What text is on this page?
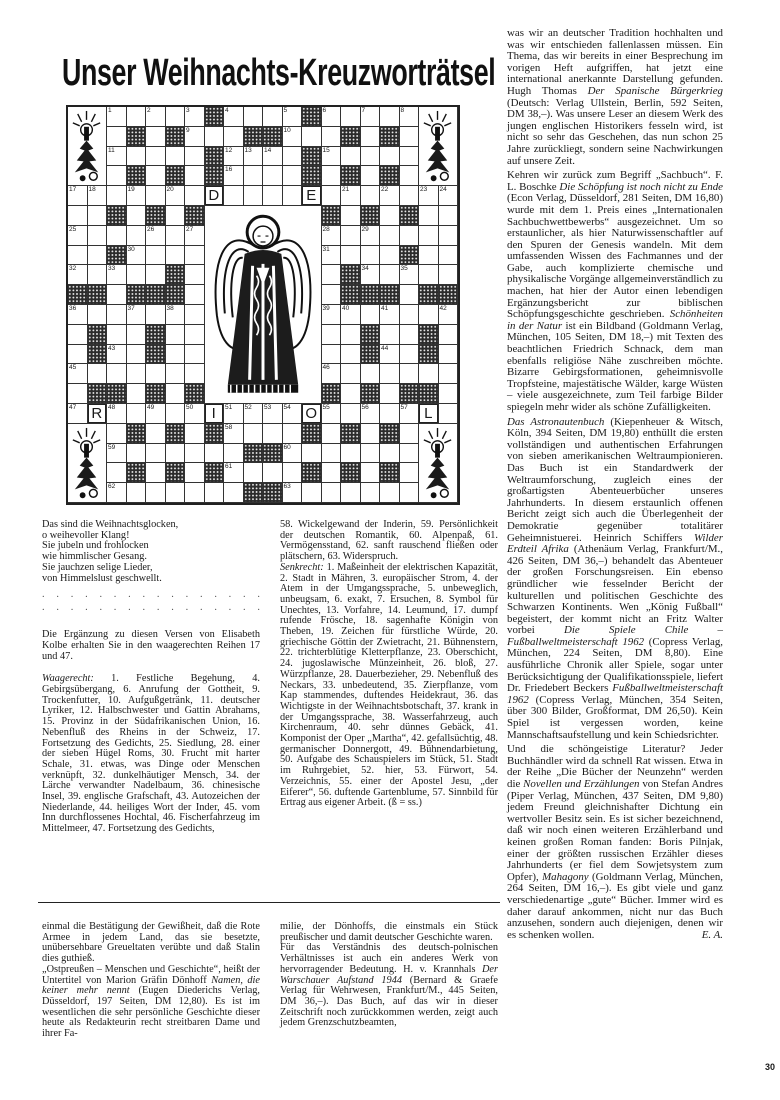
Unser Weihnachts-Kreuzworträtsel
1	2	3	4	5	6	7	8
9	10
11	12 13 14	15
16
17 18	19	20 D	E	21	22	23 24
25	26	27	28	29
30	31
32	33	34	35
36	37	38	39 40	41	42
43	44
45	46
47 R 48	49	50	I	51 52 53 54 O 55	56	57	L
58
59	60
61
62	63
Das sind die Weihnachtsglocken,
o weihevoller Klang!
Sie jubeln und frohlocken
wie himmlischer Gesang.
Sie jauchzen selige Lieder,
von Himmelslust geschwellt.
. . . . . . . . . . . . . . . .
. . . . . . . . . . . . . . . .

Die Ergänzung zu diesen Versen von Elisabeth Kolbe erhalten Sie in den waagerechten Reihen 17 und 47.

Waagerecht: 1. Festliche Begehung, 4. Gebirgsübergang, 6. Anrufung der Gottheit, 9. Trockenfutter, 10. Aufgußgetränk, 11. deutscher Lyriker, 12. Halbschwester und Gattin Abrahams, 15. Provinz in der Südafrikanischen Union, 16. Nebenfluß des Rheins in der Schweiz, 17. Fortsetzung des Gedichts, 25. Siedlung, 28. einer der sieben Hügel Roms, 30. Frucht mit harter Schale, 31. etwas, was Dinge oder Menschen verknüpft, 32. dunkelhäutiger Mensch, 34. der Lärche verwandter Nadelbaum, 36. chinesische Insel, 39. englische Grafschaft, 43. Autozeichen der Niederlande, 44. heiliges Wort der Inder, 45. vom Inn durchflossenes Hochtal, 46. Fischerfahrzeug im Mittelmeer, 47. Fortsetzung des Gedichts,

58. Wickelgewand der Inderin, 59. Persönlichkeit der deutschen Romantik, 60. Alpenpaß, 61. Vermögensstand, 62. sanft rauschend fließen oder plätschern, 63. Widerspruch.

Senkrecht: 1. Maßeinheit der elektrischen Kapazität, 2. Stadt in Mähren, 3. europäischer Strom, 4. der Atem in der Umgangssprache, 5. unbeweglich, unbeugsam, 6. exakt, 7. Ersuchen, 8. Symbol für Unechtes, 13. Vorfahre, 14. Leumund, 17. dumpf rufende Frösche, 18. sagenhafte Königin von Theben, 19. Zeichen für fürstliche Würde, 20. griechische Göttin der Zwietracht, 21. Bühnenstern, 22. trichterblütige Kletterpflanze, 23. Oberschicht, 24. jugoslawische Münzeinheit, 26. bloß, 27. Würzpflanze, 28. Dauerbezieher, 29. Nebenfluß des Neckars, 33. unbedeutend, 35. Zierpflanze, vom Kap stammendes, duftendes Heidekraut, 36. das Wichtigste in der Weihnachtsbotschaft, 37. krank in der Umgangssprache, 38. Wasserfahrzeug, auch Kirchenraum, 40. sehr dünnes Gebäck, 41. Komponist der Oper „Martha“, 42. gefallsüchtig, 48. germanischer Donnergott, 49. Bühnendarbietung, 50. Aufgabe des Schauspielers im Stück, 51. Stadt im Ruhrgebiet, 52. hier, 53. Fürwort, 54. Verzeichnis, 55. einer der Apostel Jesu, „der Eiferer“, 56. duftende Gartenblume, 57. Sinnbild für Ertrag aus eigener Arbeit. (ß = ss.)

einmal die Bestätigung der Gewißheit, daß die Rote Armee in jedem Land, das sie besetzte, unübersehbare Greueltaten verübte und daß Stalin dies guthieß.

„Ostpreußen – Menschen und Geschichte“, heißt der Untertitel von Marion Gräfin Dönhoff Namen, die keiner mehr nennt (Eugen Diederichs Verlag, Düsseldorf, 197 Seiten, DM 12,80). Es ist im wesentlichen die sehr persönliche Geschichte dieser heute als Redakteurin recht streitbaren Dame und ihrer Fa-

milie, der Dönhoffs, die einstmals ein Stück preußischer und damit deutscher Geschichte waren.

Für das Verständnis des deutsch-polnischen Verhältnisses ist auch ein anderes Werk von hervorragender Bedeutung. H. v. Krannhals Der Warschauer Aufstand 1944 (Bernard & Graefe Verlag für Wehrwesen, Frankfurt/M., 445 Seiten, DM 36,–). Das Buch, auf das wir in dieser Zeitschrift noch zurückkommen werden, zeigt auch jedem Grenzschutzbeamten,

was wir an deutscher Tradition hochhalten und was wir entschieden fallenlassen müssen. Ein Thema, das wir bereits in einer Besprechung im vorigen Heft aufgriffen, hat jetzt eine international anerkannte Darstellung gefunden. Hugh Thomas Der Spanische Bürgerkrieg (Deutsch: Verlag Ullstein, Berlin, 592 Seiten, DM 38,–). Was unsere Leser an diesem Werk des jungen englischen Historikers fesseln wird, ist nicht so sehr das Geschehen, das nun schon 25 Jahre zurückliegt, sondern seine Nachwirkungen auf unsere Zeit.

Kehren wir zurück zum Begriff „Sachbuch“. F. L. Boschke Die Schöpfung ist noch nicht zu Ende (Econ Verlag, Düsseldorf, 281 Seiten, DM 16,80) wurde mit dem 1. Preis eines „Internationalen Sachbuchwettbewerbs“ ausgezeichnet. Um so erstaunlicher, als hier Naturwissenschaftler auf den Spuren der Genesis wandeln. Mit dem umfassenden Wissen des Fachmannes und der Gabe, auch komplizierte chemische und physikalische Vorgänge allgemeinverständlich zu machen, hat hier der Autor einen lebendigen Ergänzungsbericht zur biblischen Schöpfungsgeschichte geschrieben. Schönheiten in der Natur ist ein Bildband (Goldmann Verlag, München, 105 Seiten, DM 18,–) mit Texten des beachtlichen Friedrich Schnack, dem man ebenfalls religiöse Nähe zuschreiben möchte. Bizarre Gebirgsformationen, geheimnisvolle Tropfsteine, majestätische Wälder, karge Wüsten – viele ausgezeichnete, zum Teil farbige Bilder spiegeln mehr wider als schöne Zufälligkeiten.

Das Astronautenbuch (Kiepenheuer & Witsch, Köln, 394 Seiten, DM 19,80) enthüllt die ersten vollständigen und authentischen Erfahrungen von sieben amerikanischen Weltraumpionieren. Das Buch ist ein Standardwerk der Weltraumforschung, zugleich eines der großartigsten Abenteuerbücher unseres Jahrhunderts. In diesem erstaunlich offenen Bericht zeigt sich auch die Überlegenheit der Demokratie gegenüber totalitärer Geheimnistuerei. Heinrich Schiffers Wilder Erdteil Afrika (Athenäum Verlag, Frankfurt/M., 426 Seiten, DM 36,–) behandelt das Abenteuer der großen Forschungsreisen. Ein ebenso gründlicher wie fesselnder Bericht der kulturellen und politischen Geschichte des Schwarzen Kontinents. Wen „König Fußball“ begeistert, der kommt nicht an Fritz Walter vorbei Die Spiele Chile – Fußballweltmeisterschaft 1962 (Copress Verlag, München, 224 Seiten, DM 8,80). Eine ausführliche Chronik aller Spiele, sogar unter Berücksichtigung der Qualifikationsspiele, liefert Dr. Friedebert Beckers Fußballweltmeisterschaft 1962 (Copress Verlag, München, 354 Seiten, über 300 Bilder, Großformat, DM 26,50). Kein Spiel ist vergessen worden, keine Mannschaftsaufstellung und kein Schiedsrichter.

Und die schöngeistige Literatur? Jeder Buchhändler wird da schnell Rat wissen. Etwa in der Reihe „Die Bücher der Neunzehn“ werden die Novellen und Erzählungen von Stefan Andres (Piper Verlag, München, 437 Seiten, DM 9,80) jedem Freund gleichnishafter Dichtung ein wertvoller Besitz sein. Es ist sicher bezeichnend, daß wir noch einen weiteren Erzählerband und keinen großen Roman fanden: Boris Pilnjak, einer der größten russischen Erzähler dieses Jahrhunderts (er fiel dem Sowjetsystem zum Opfer), Mahagony (Goldmann Verlag, München, 264 Seiten, DM 16,–). Es gibt viele und ganz verschiedenartige „gute“ Bücher. Immer wird es daher darauf ankommen, nicht nur das Buch anzusehen, sondern auch diejenigen, denen wir es schenken wollen.	E. A.

30
